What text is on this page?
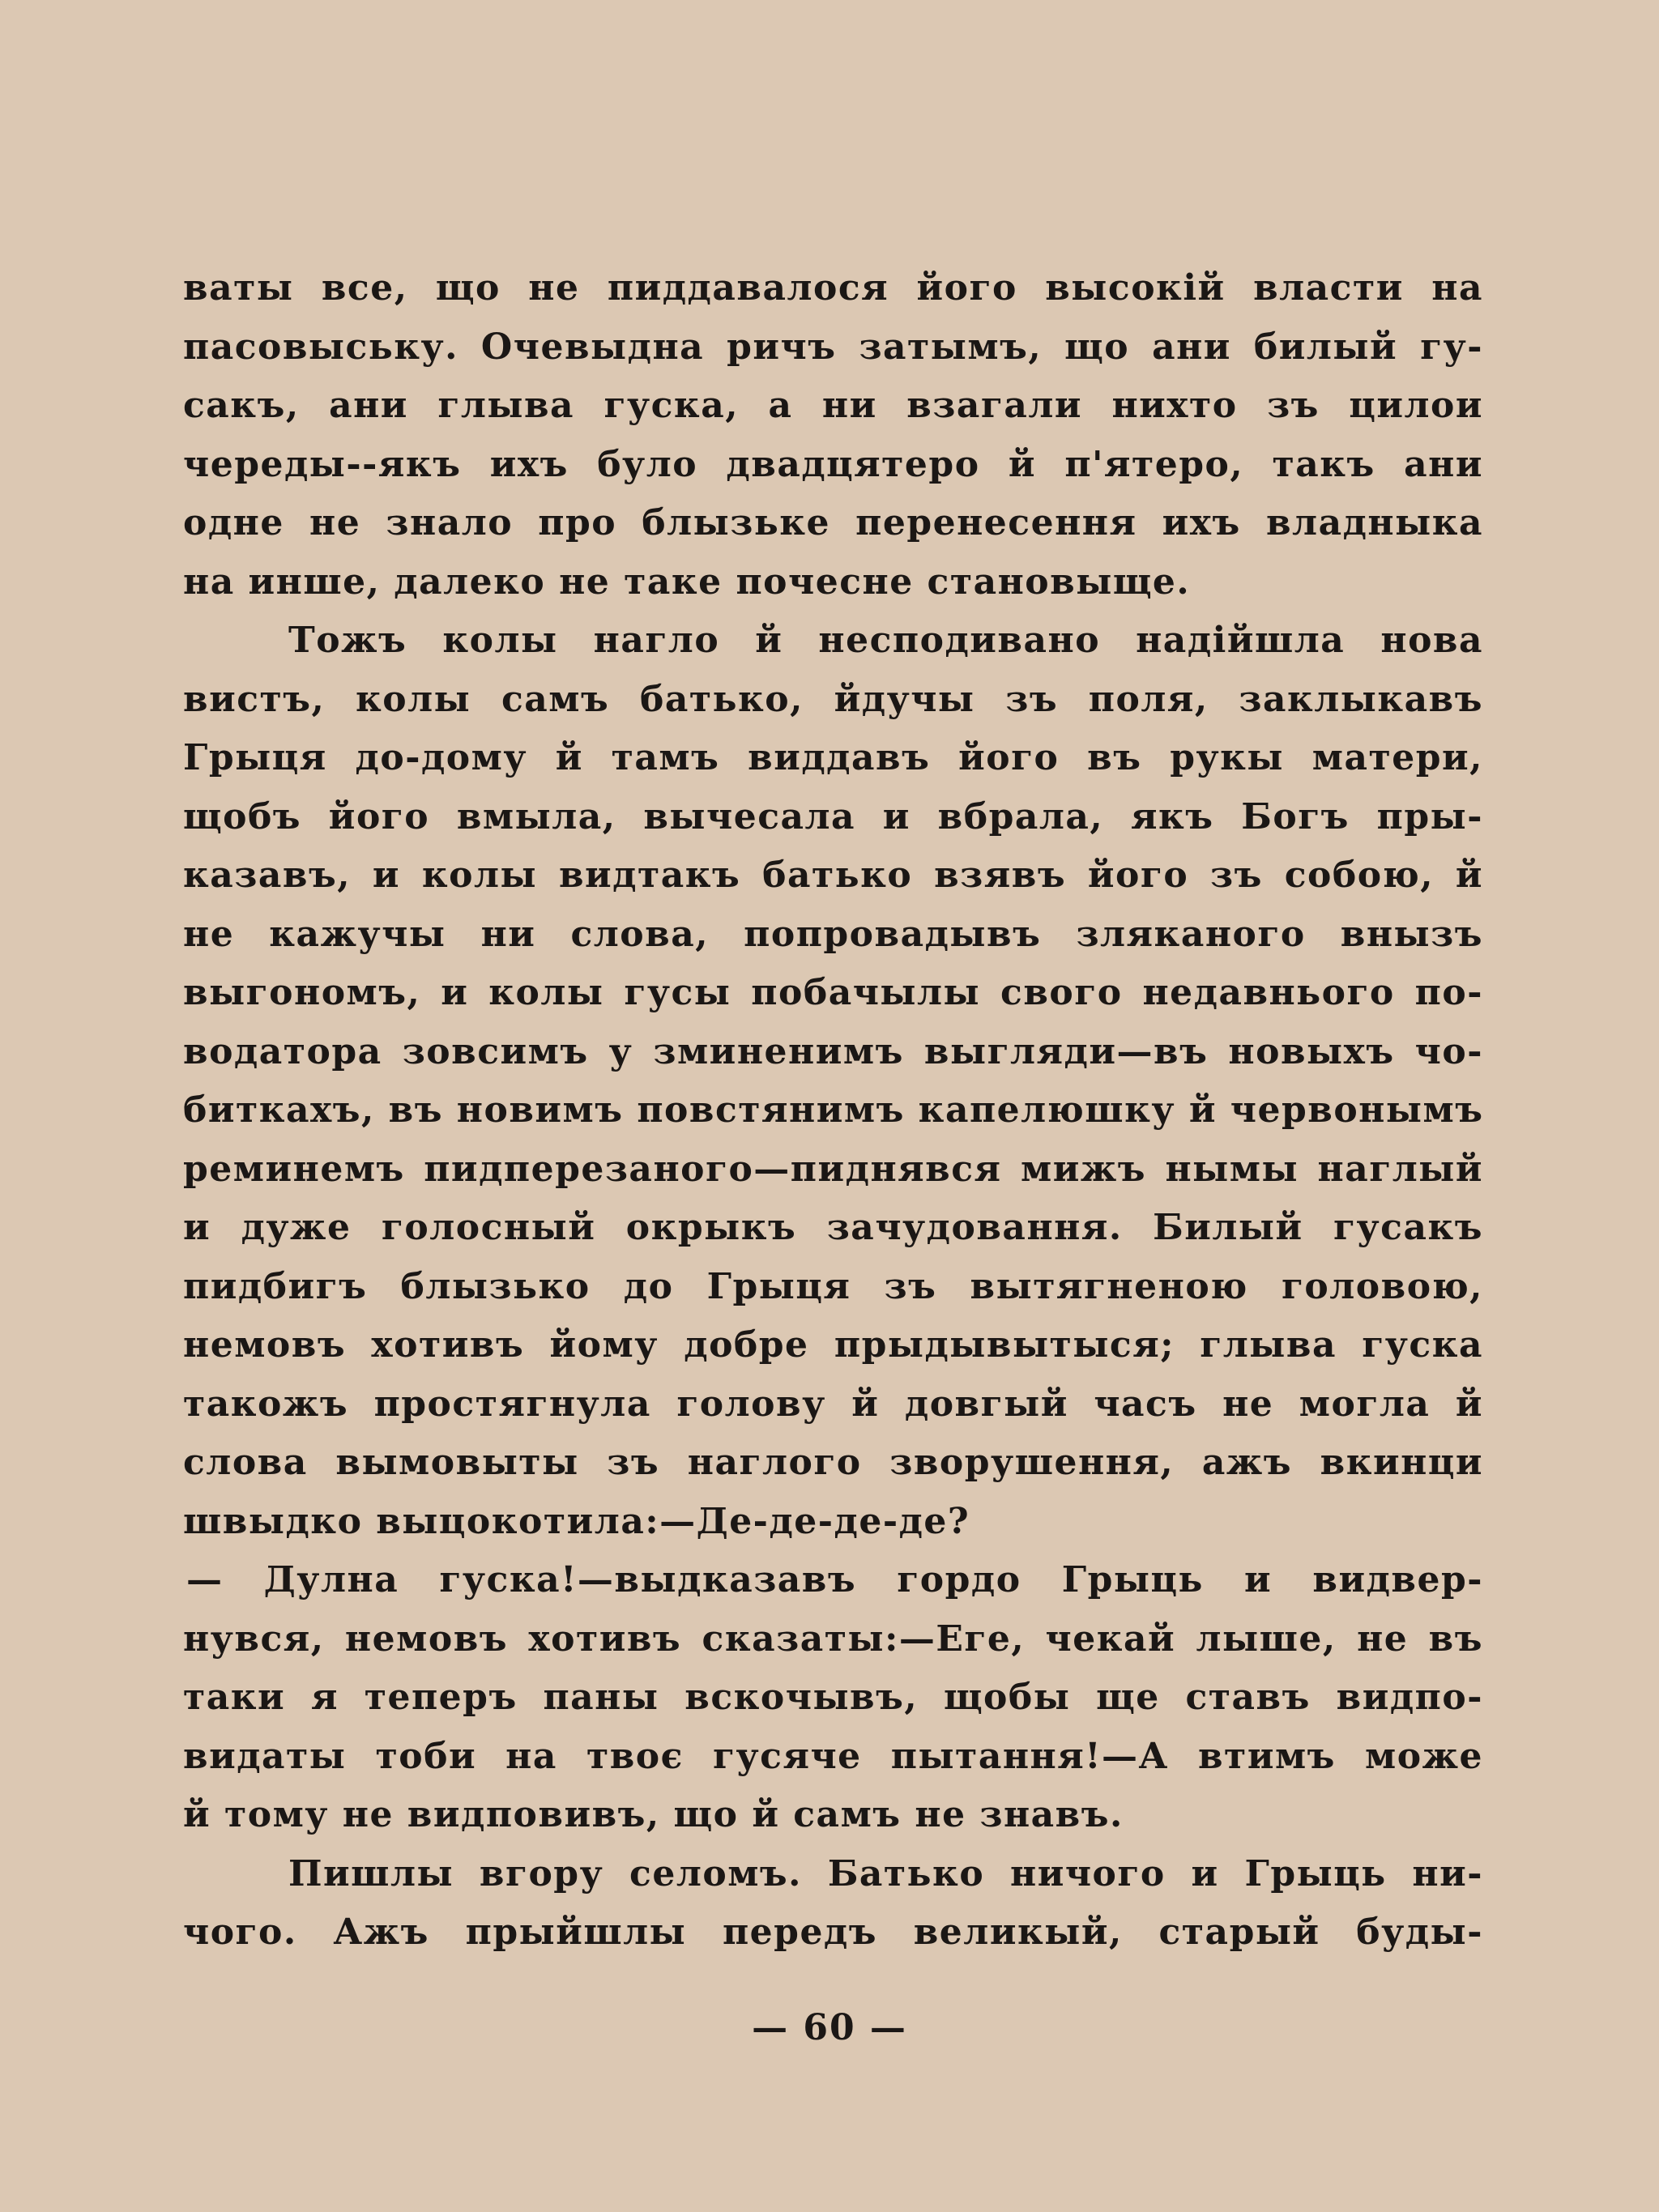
ваты все, що не пиддавалося його высокій власти на
пасовыську. Очевыдна ричъ затымъ, що ани билый гу-
сакъ, ани глыва гуска, а ни взагали нихто зъ цилои
череды--якъ ихъ було двадцятеро й п'ятеро, такъ ани
одне не знало про блызьке перенесення ихъ владныка
на инше, далеко не таке почесне становыще.
Тожъ колы нагло й несподивано надійшла нова
вистъ, колы самъ батько, йдучы зъ поля, заклыкавъ
Грыця до-дому й тамъ виддавъ його въ рукы матери,
щобъ його вмыла, вычесала и вбрала, якъ Богъ пры-
казавъ, и колы видтакъ батько взявъ його зъ собою, й
не кажучы ни слова, попровадывъ зляканого внызъ
выгономъ, и колы гусы побачылы свого недавнього по-
водатора зовсимъ у зминенимъ выгляди—въ новыхъ чо-
биткахъ, въ новимъ повстянимъ капелюшку й червонымъ
реминемъ пидперезаного—пиднявся мижъ нымы наглый
и дуже голосный окрыкъ зачудовання. Билый гусакъ
пидбигъ блызько до Грыця зъ вытягненою головою,
немовъ хотивъ йому добре прыдывытыся; глыва гуска
такожъ простягнула голову й довгый часъ не могла й
слова вымовыты зъ наглого зворушення, ажъ вкинци
швыдко выцокотила:—Де-де-де-де?
— Дулна гуска!—выдказавъ гордо Грыць и видвер-
нувся, немовъ хотивъ сказаты:—Еге, чекай лыше, не въ
таки я теперъ паны вскочывъ, щобы ще ставъ видпо-
видаты тоби на твоє гусяче пытання!—А втимъ може
й тому не видповивъ, що й самъ не знавъ.
Пишлы вгору селомъ. Батько ничого и Грыць ни-
чого. Ажъ прыйшлы передъ великый, старый буды-
— 60 —
